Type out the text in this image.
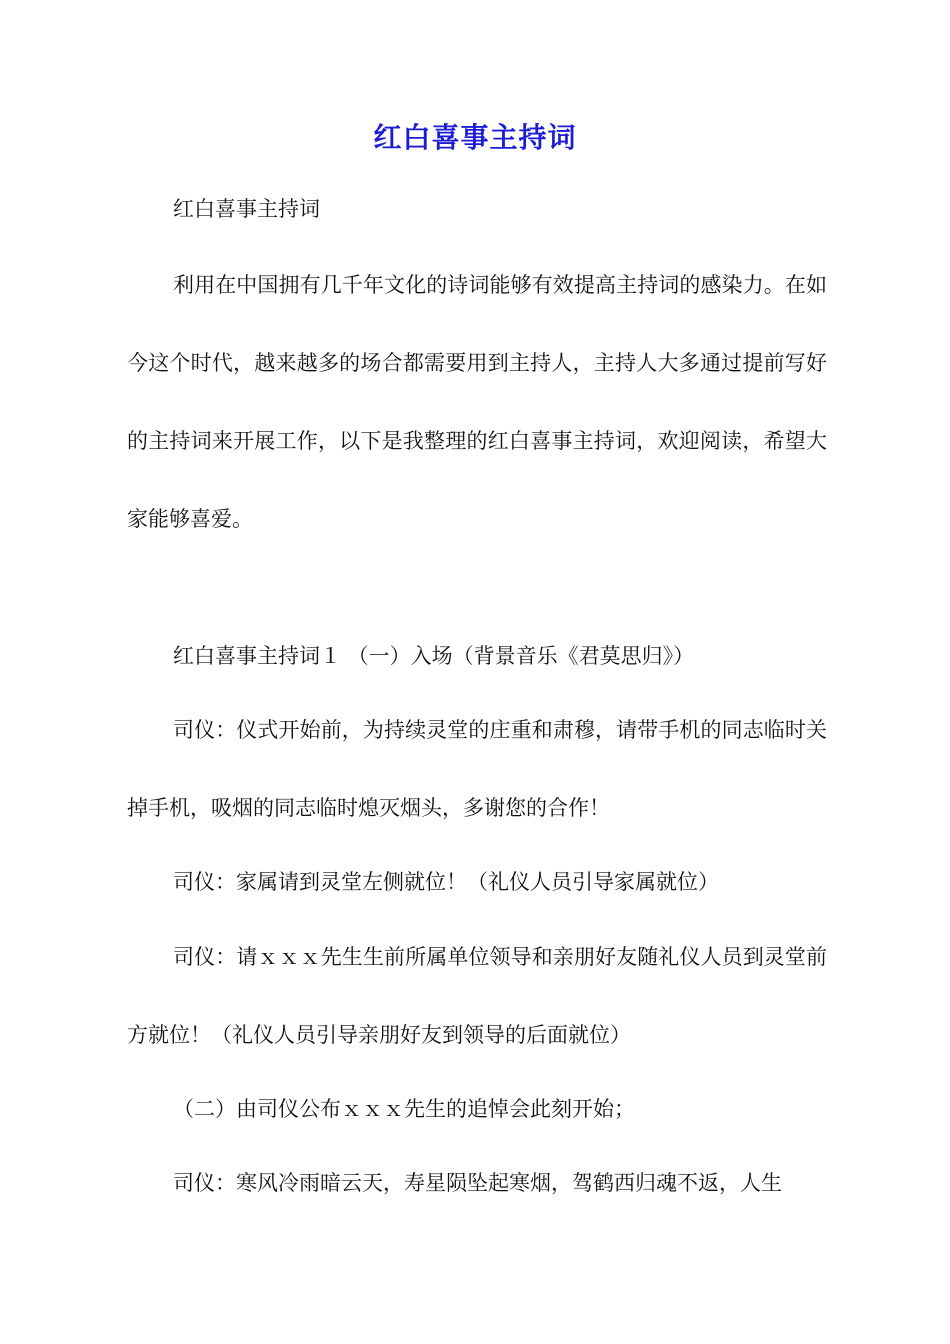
红白喜事主持词

红白喜事主持词

利用在中国拥有几千年文化的诗词能够有效提高主持词的感染力。在如今这个时代，越来越多的场合都需要用到主持人，主持人大多通过提前写好的主持词来开展工作，以下是我整理的红白喜事主持词，欢迎阅读，希望大家能够喜爱。

红白喜事主持词１ （一）入场（背景音乐《君莫思归》）

司仪：仪式开始前，为持续灵堂的庄重和肃穆，请带手机的同志临时关掉手机，吸烟的同志临时熄灭烟头，多谢您的合作！

司仪：家属请到灵堂左侧就位！（礼仪人员引导家属就位）

司仪：请ｘｘｘ先生生前所属单位领导和亲朋好友随礼仪人员到灵堂前方就位！（礼仪人员引导亲朋好友到领导的后面就位）

（二）由司仪公布ｘｘｘ先生的追悼会此刻开始；

司仪：寒风冷雨暗云天，寿星陨坠起寒烟，驾鹤西归魂不返，人生
